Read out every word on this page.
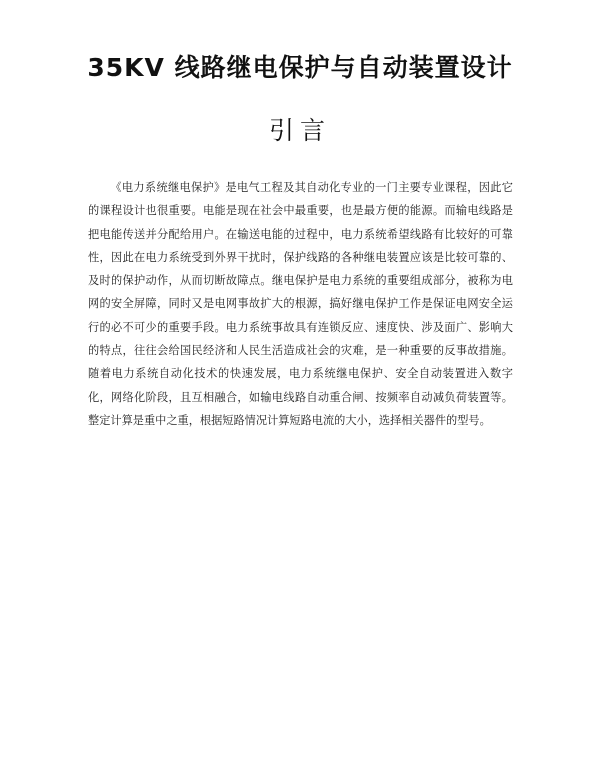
35KV 线路继电保护与自动装置设计
引言

《电力系统继电保护》是电气工程及其自动化专业的一门主要专业课程，因此它的课程设计也很重要。电能是现在社会中最重要，也是最方便的能源。而输电线路是把电能传送并分配给用户。在输送电能的过程中，电力系统希望线路有比较好的可靠性，因此在电力系统受到外界干扰时，保护线路的各种继电装置应该是比较可靠的、及时的保护动作，从而切断故障点。继电保护是电力系统的重要组成部分，被称为电网的安全屏障，同时又是电网事故扩大的根源，搞好继电保护工作是保证电网安全运行的必不可少的重要手段。电力系统事故具有连锁反应、速度快、涉及面广、影响大的特点，往往会给国民经济和人民生活造成社会的灾难，是一种重要的反事故措施。随着电力系统自动化技术的快速发展，电力系统继电保护、安全自动装置进入数字化，网络化阶段，且互相融合，如输电线路自动重合闸、按频率自动减负荷装置等。整定计算是重中之重，根据短路情况计算短路电流的大小，选择相关器件的型号。
